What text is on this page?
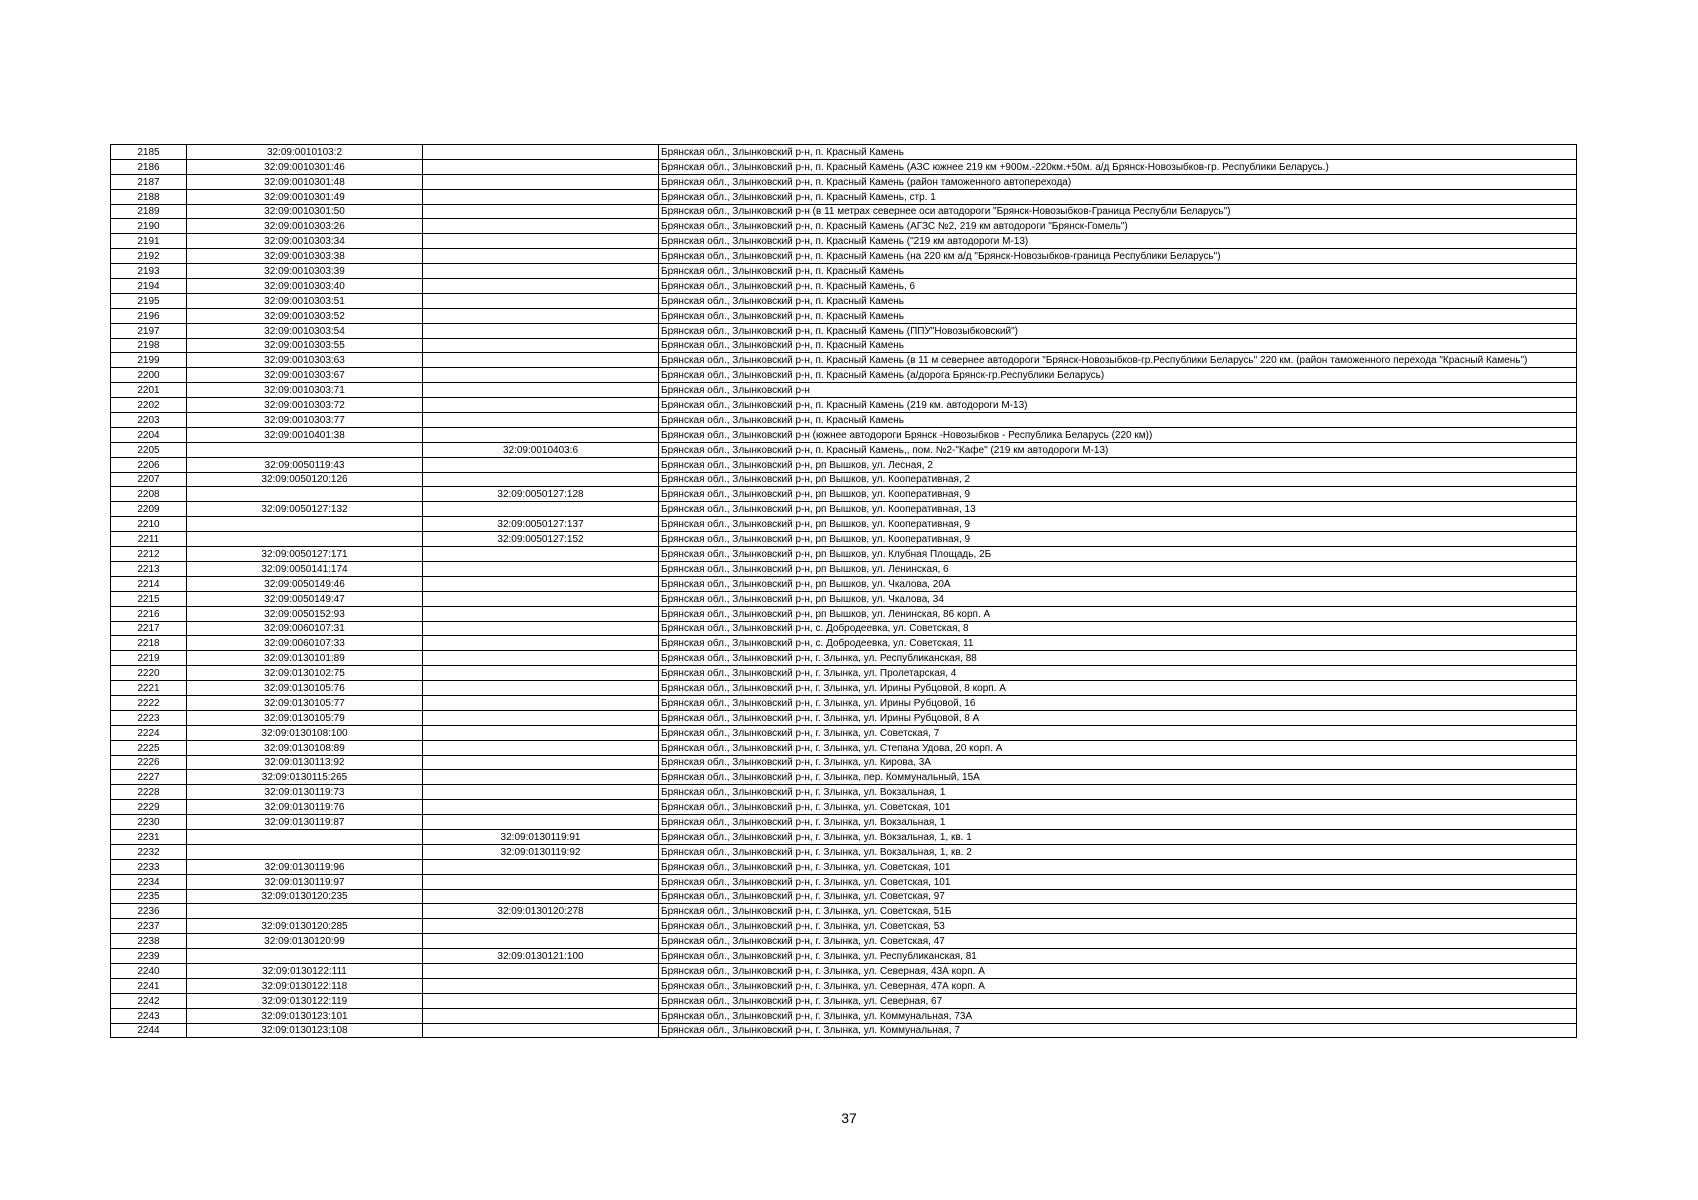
2185	32:09:0010103:2		Брянская обл., Злынковский р-н, п. Красный Камень
2186	32:09:0010301:46		Брянская обл., Злынковский р-н, п. Красный Камень (АЗС южнее 219 км +900м.-220км.+50м. а/д Брянск-Новозыбков-гр. Республики Беларусь.)
2187	32:09:0010301:48		Брянская обл., Злынковский р-н, п. Красный Камень (район таможенного автоперехода)
2188	32:09:0010301:49		Брянская обл., Злынковский р-н, п. Красный Камень, стр. 1
2189	32:09:0010301:50		Брянская обл., Злынковский р-н (в 11 метрах севернее оси автодороги "Брянск-Новозыбков-Граница Республи Беларусь")
2190	32:09:0010303:26		Брянская обл., Злынковский р-н, п. Красный Камень (АГЗС №2, 219 км автодороги "Брянск-Гомель")
2191	32:09:0010303:34		Брянская обл., Злынковский р-н, п. Красный Камень ("219 км автодороги М-13)
2192	32:09:0010303:38		Брянская обл., Злынковский р-н, п. Красный Камень (на 220 км а/д "Брянск-Новозыбков-граница Республики Беларусь")
2193	32:09:0010303:39		Брянская обл., Злынковский р-н, п. Красный Камень
2194	32:09:0010303:40		Брянская обл., Злынковский р-н, п. Красный Камень, 6
2195	32:09:0010303:51		Брянская обл., Злынковский р-н, п. Красный Камень
2196	32:09:0010303:52		Брянская обл., Злынковский р-н, п. Красный Камень
2197	32:09:0010303:54		Брянская обл., Злынковский р-н, п. Красный Камень (ППУ"Новозыбковский")
2198	32:09:0010303:55		Брянская обл., Злынковский р-н, п. Красный Камень
2199	32:09:0010303:63		Брянская обл., Злынковский р-н, п. Красный Камень (в 11 м севернее автодороги "Брянск-Новозыбков-гр.Республики Беларусь" 220 км. (район таможенного перехода "Красный Камень")
2200	32:09:0010303:67		Брянская обл., Злынковский р-н, п. Красный Камень (а/дорога Брянск-гр.Республики Беларусь)
2201	32:09:0010303:71		Брянская обл., Злынковский р-н
2202	32:09:0010303:72		Брянская обл., Злынковский р-н, п. Красный Камень (219 км. автодороги М-13)
2203	32:09:0010303:77		Брянская обл., Злынковский р-н, п. Красный Камень
2204	32:09:0010401:38		Брянская обл., Злынковский р-н (южнее автодороги Брянск -Новозыбков - Республика Беларусь (220 км))
2205		32:09:0010403:6	Брянская обл., Злынковский р-н, п. Красный Камень,, пом. №2-"Кафе" (219 км автодороги М-13)
2206	32:09:0050119:43		Брянская обл., Злынковский р-н, рп Вышков, ул. Лесная, 2
2207	32:09:0050120:126		Брянская обл., Злынковский р-н, рп Вышков, ул. Кооперативная, 2
2208		32:09:0050127:128	Брянская обл., Злынковский р-н, рп Вышков, ул. Кооперативная, 9
2209	32:09:0050127:132		Брянская обл., Злынковский р-н, рп Вышков, ул. Кооперативная, 13
2210		32:09:0050127:137	Брянская обл., Злынковский р-н, рп Вышков, ул. Кооперативная, 9
2211		32:09:0050127:152	Брянская обл., Злынковский р-н, рп Вышков, ул. Кооперативная, 9
2212	32:09:0050127:171		Брянская обл., Злынковский р-н, рп Вышков, ул. Клубная Площадь, 2Б
2213	32:09:0050141:174		Брянская обл., Злынковский р-н, рп Вышков, ул. Ленинская, 6
2214	32:09:0050149:46		Брянская обл., Злынковский р-н, рп Вышков, ул. Чкалова, 20А
2215	32:09:0050149:47		Брянская обл., Злынковский р-н, рп Вышков, ул. Чкалова, 34
2216	32:09:0050152:93		Брянская обл., Злынковский р-н, рп Вышков, ул. Ленинская, 86 корп. А
2217	32:09:0060107:31		Брянская обл., Злынковский р-н, с. Добродеевка, ул. Советская, 8
2218	32:09:0060107:33		Брянская обл., Злынковский р-н, с. Добродеевка, ул. Советская, 11
2219	32:09:0130101:89		Брянская обл., Злынковский р-н, г. Злынка, ул. Республиканская, 88
2220	32:09:0130102:75		Брянская обл., Злынковский р-н, г. Злынка, ул. Пролетарская, 4
2221	32:09:0130105:76		Брянская обл., Злынковский р-н, г. Злынка, ул. Ирины Рубцовой, 8 корп. А
2222	32:09:0130105:77		Брянская обл., Злынковский р-н, г. Злынка, ул. Ирины Рубцовой, 16
2223	32:09:0130105:79		Брянская обл., Злынковский р-н, г. Злынка, ул. Ирины Рубцовой, 8 А
2224	32:09:0130108:100		Брянская обл., Злынковский р-н, г. Злынка, ул. Советская, 7
2225	32:09:0130108:89		Брянская обл., Злынковский р-н, г. Злынка, ул. Степана Удова, 20 корп. А
2226	32:09:0130113:92		Брянская обл., Злынковский р-н, г. Злынка, ул. Кирова, 3А
2227	32:09:0130115:265		Брянская обл., Злынковский р-н, г. Злынка, пер. Коммунальный, 15А
2228	32:09:0130119:73		Брянская обл., Злынковский р-н, г. Злынка, ул. Вокзальная, 1
2229	32:09:0130119:76		Брянская обл., Злынковский р-н, г. Злынка, ул. Советская, 101
2230	32:09:0130119:87		Брянская обл., Злынковский р-н, г. Злынка, ул. Вокзальная, 1
2231		32:09:0130119:91	Брянская обл., Злынковский р-н, г. Злынка, ул. Вокзальная, 1, кв. 1
2232		32:09:0130119:92	Брянская обл., Злынковский р-н, г. Злынка, ул. Вокзальная, 1, кв. 2
2233	32:09:0130119:96		Брянская обл., Злынковский р-н, г. Злынка, ул. Советская, 101
2234	32:09:0130119:97		Брянская обл., Злынковский р-н, г. Злынка, ул. Советская, 101
2235	32:09:0130120:235		Брянская обл., Злынковский р-н, г. Злынка, ул. Советская, 97
2236		32:09:0130120:278	Брянская обл., Злынковский р-н, г. Злынка, ул. Советская, 51Б
2237	32:09:0130120:285		Брянская обл., Злынковский р-н, г. Злынка, ул. Советская, 53
2238	32:09:0130120:99		Брянская обл., Злынковский р-н, г. Злынка, ул. Советская, 47
2239		32:09:0130121:100	Брянская обл., Злынковский р-н, г. Злынка, ул. Республиканская, 81
2240	32:09:0130122:111		Брянская обл., Злынковский р-н, г. Злынка, ул. Северная, 43А корп. А
2241	32:09:0130122:118		Брянская обл., Злынковский р-н, г. Злынка, ул. Северная, 47А корп. А
2242	32:09:0130122:119		Брянская обл., Злынковский р-н, г. Злынка, ул. Северная, 67
2243	32:09:0130123:101		Брянская обл., Злынковский р-н, г. Злынка, ул. Коммунальная, 73А
2244	32:09:0130123:108		Брянская обл., Злынковский р-н, г. Злынка, ул. Коммунальная, 7
37
